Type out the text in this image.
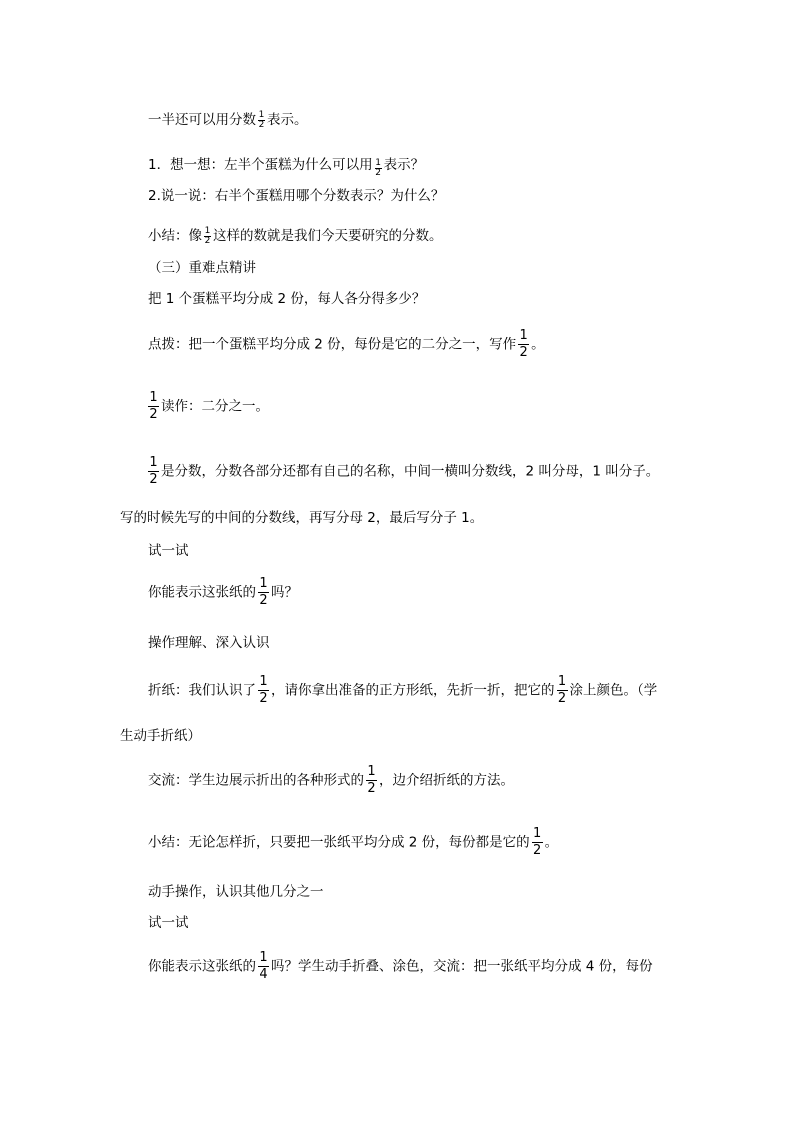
一半还可以用分数 $\frac{1}{2}$ 表示。
1．想一想：左半个蛋糕为什么可以用 $\frac{1}{2}$ 表示？
2.说一说：右半个蛋糕用哪个分数表示？为什么？
小结：像 $\frac{1}{2}$ 这样的数就是我们今天要研究的分数。
（三）重难点精讲
把 1 个蛋糕平均分成 2 份，每人各分得多少？
点拨：把一个蛋糕平均分成 2 份，每份是它的二分之一，写作 $\frac{1}{2}$ 。
$\frac{1}{2}$ 读作：二分之一。
$\frac{1}{2}$ 是分数，分数各部分还都有自己的名称，中间一横叫分数线，2 叫分母，1 叫分子。
写的时候先写的中间的分数线，再写分母 2，最后写分子 1。
试一试
你能表示这张纸的 $\frac{1}{2}$ 吗？
操作理解、深入认识
折纸：我们认识了 $\frac{1}{2}$ ，请你拿出准备的正方形纸，先折一折，把它的 $\frac{1}{2}$ 涂上颜色。（学
生动手折纸）
交流：学生边展示折出的各种形式的 $\frac{1}{2}$ ，边介绍折纸的方法。
小结：无论怎样折，只要把一张纸平均分成 2 份，每份都是它的 $\frac{1}{2}$ 。
动手操作，认识其他几分之一
试一试
你能表示这张纸的 $\frac{1}{4}$ 吗？学生动手折叠、涂色，交流：把一张纸平均分成 4 份，每份
